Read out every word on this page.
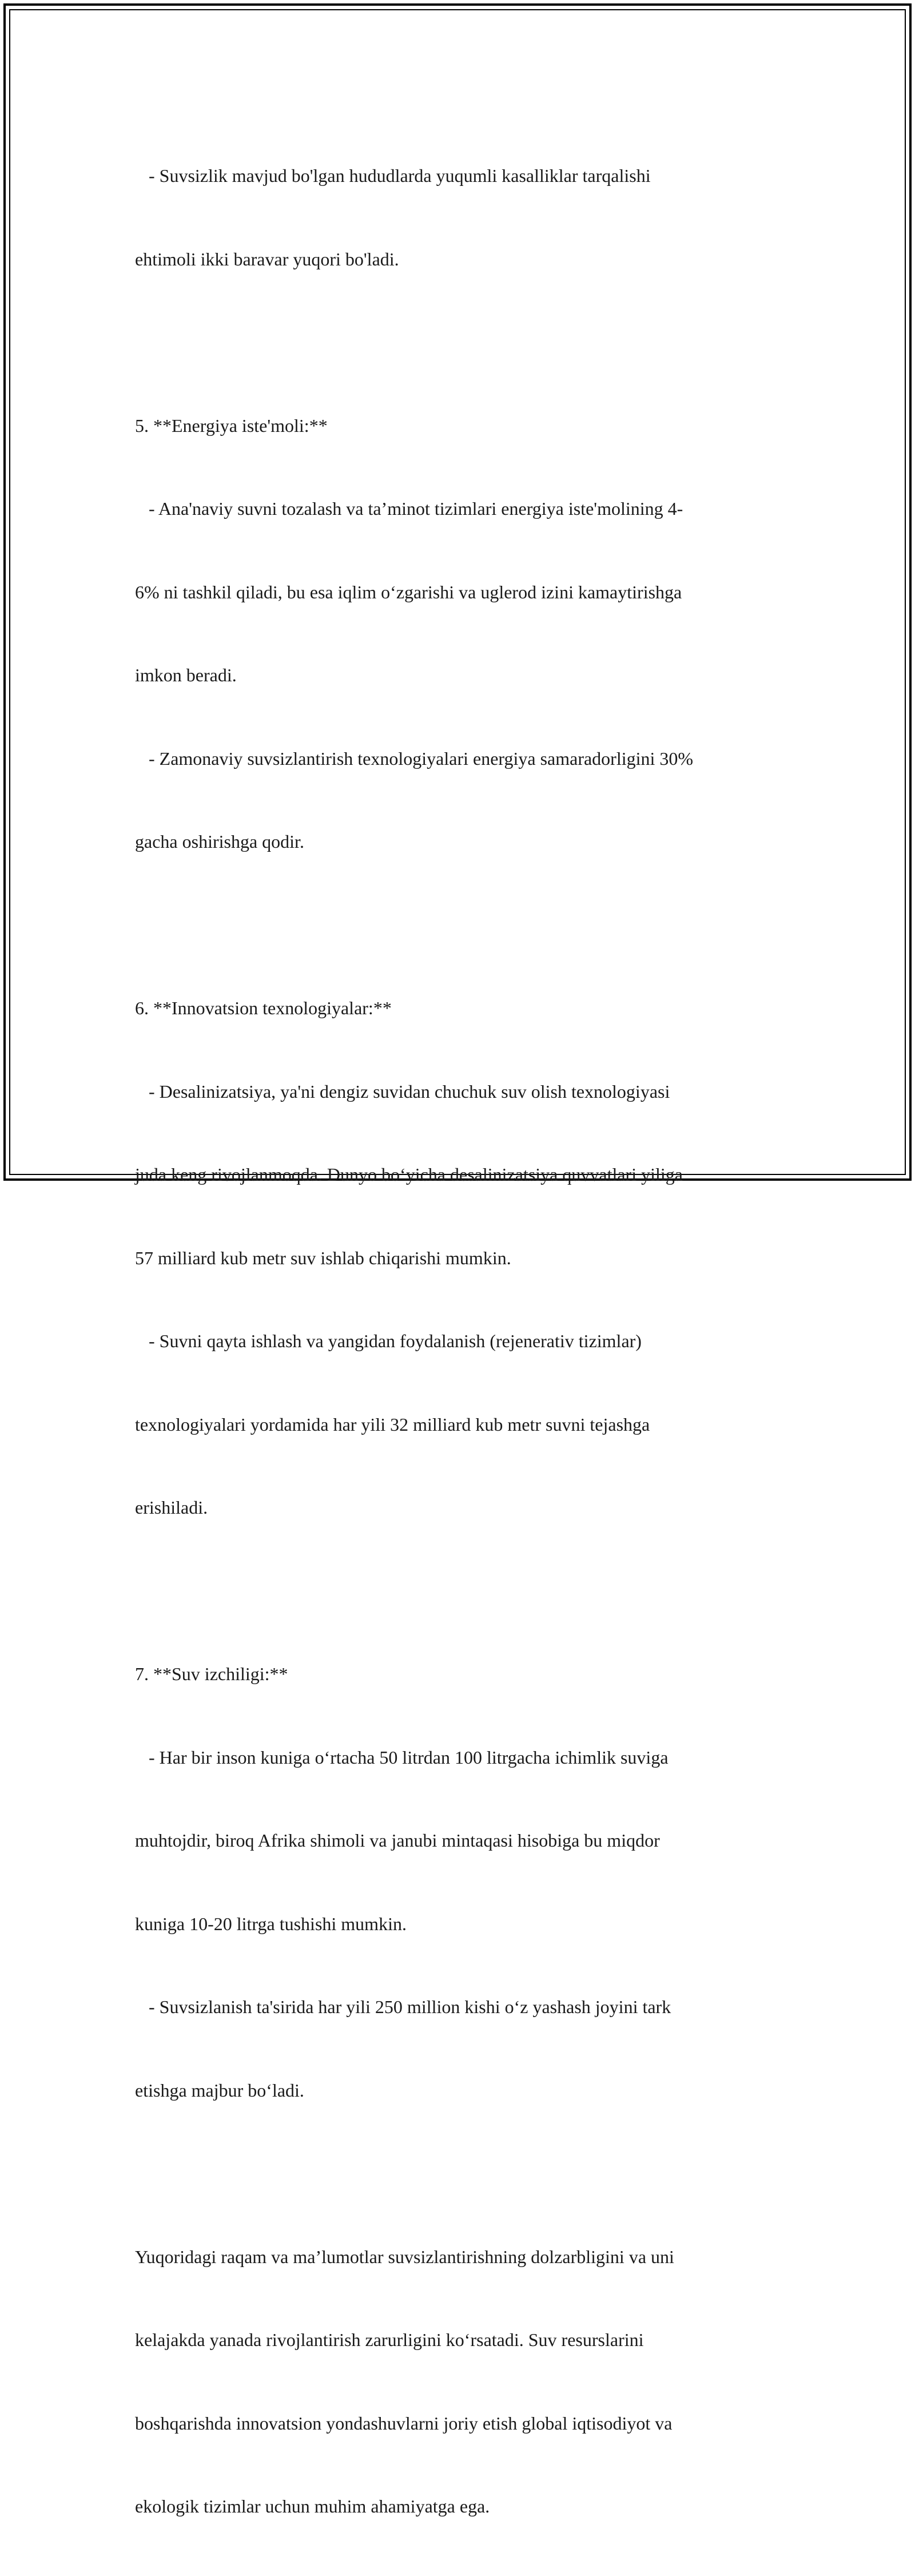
- Suvsizlik mavjud bo'lgan hududlarda yuqumli kasalliklar tarqalishi

ehtimoli ikki baravar yuqori bo'ladi.

5. **Energiya iste'moli:**

- Ana'naviy suvni tozalash va ta’minot tizimlari energiya iste'molining 4-

6% ni tashkil qiladi, bu esa iqlim o‘zgarishi va uglerod izini kamaytirishga

imkon beradi.

- Zamonaviy suvsizlantirish texnologiyalari energiya samaradorligini 30%

gacha oshirishga qodir.

6. **Innovatsion texnologiyalar:**

- Desalinizatsiya, ya'ni dengiz suvidan chuchuk suv olish texnologiyasi

juda keng rivojlanmoqda. Dunyo bo‘yicha desalinizatsiya quvvatlari yiliga

57 milliard kub metr suv ishlab chiqarishi mumkin.

- Suvni qayta ishlash va yangidan foydalanish (rejenerativ tizimlar)

texnologiyalari yordamida har yili 32 milliard kub metr suvni tejashga

erishiladi.

7. **Suv izchiligi:**

- Har bir inson kuniga o‘rtacha 50 litrdan 100 litrgacha ichimlik suviga

muhtojdir, biroq Afrika shimoli va janubi mintaqasi hisobiga bu miqdor

kuniga 10-20 litrga tushishi mumkin.

- Suvsizlanish ta'sirida har yili 250 million kishi o‘z yashash joyini tark

etishga majbur bo‘ladi.

Yuqoridagi raqam va ma’lumotlar suvsizlantirishning dolzarbligini va uni

kelajakda yanada rivojlantirish zarurligini ko‘rsatadi. Suv resurslarini

boshqarishda innovatsion yondashuvlarni joriy etish global iqtisodiyot va

ekologik tizimlar uchun muhim ahamiyatga ega.
